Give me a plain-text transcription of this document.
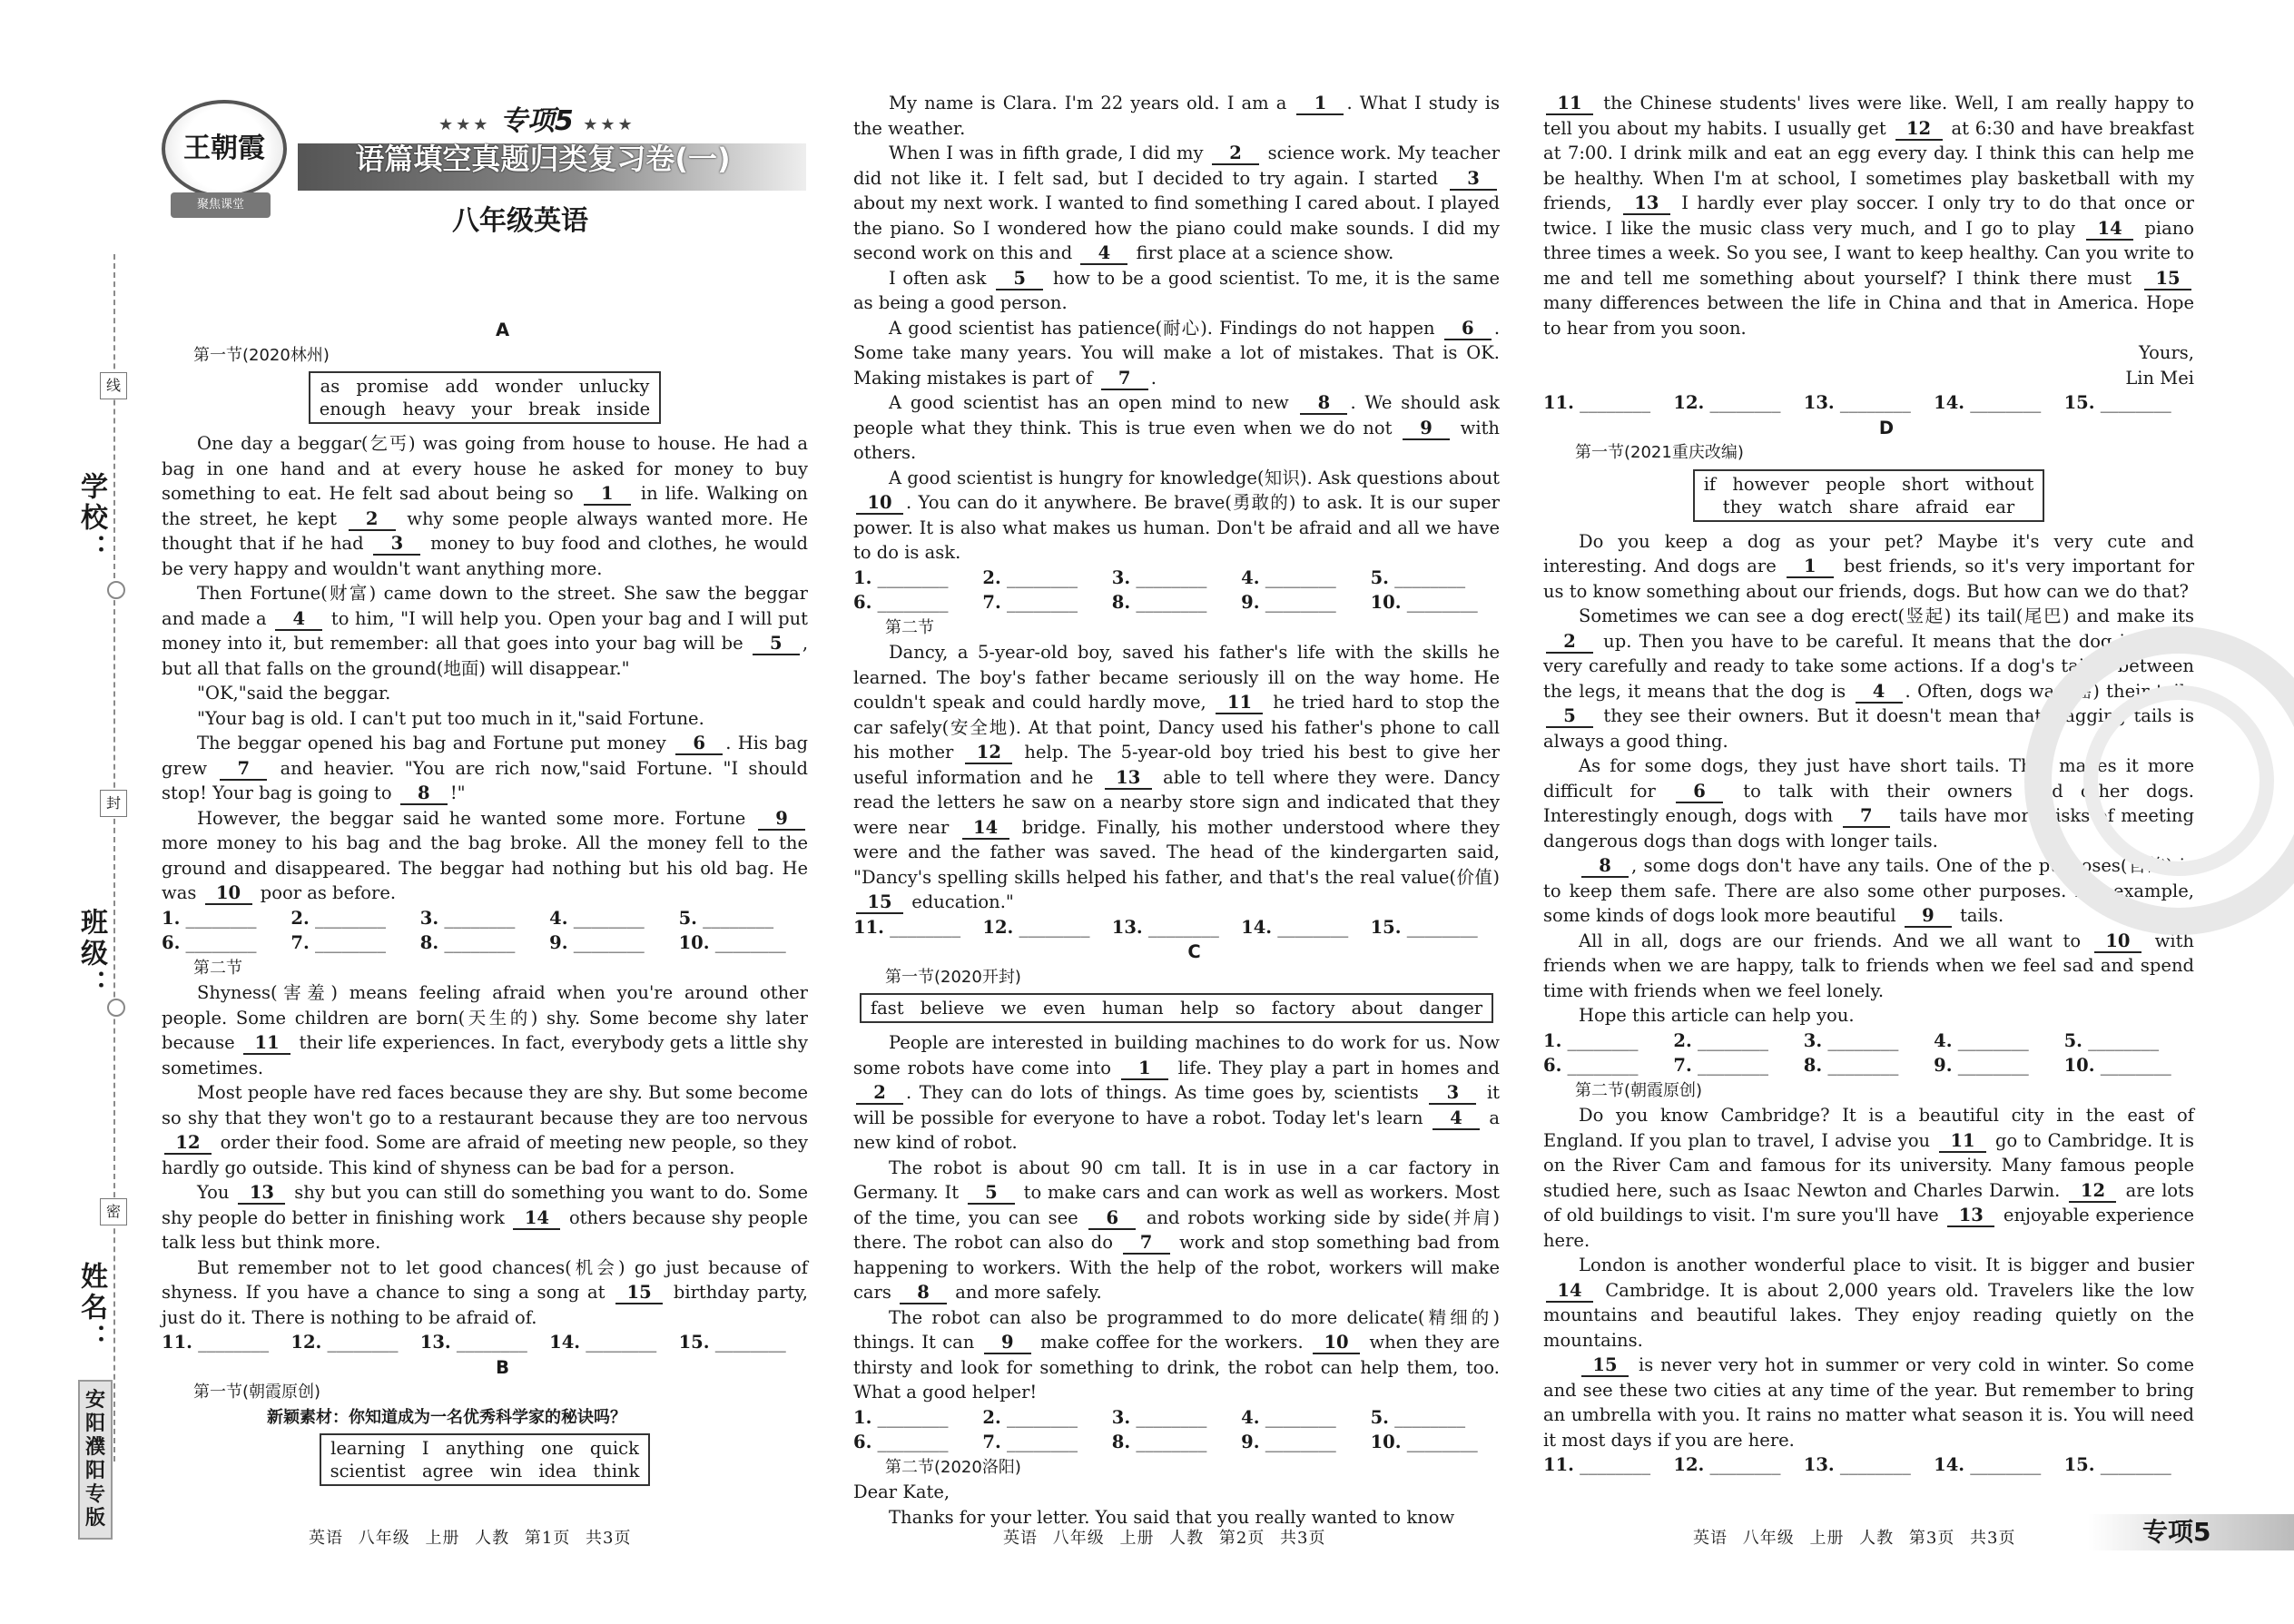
学校：
班级：
姓名：
线
封
密
安阳濮阳专版
王朝霞
聚焦课堂
★★★ 专项5 ★★★
语篇填空真题归类复习卷(一)
八年级英语

A

第一节(2020林州)

as promise add wonder unlucky
enough heavy your break inside

One day a beggar(乞丐) was going from house to house. He had a bag in one hand and at every house he asked for money to buy something to eat. He felt sad about being so 1 in life. Walking on the street, he kept 2 why some people always wanted more. He thought that if he had 3 money to buy food and clothes, he would be very happy and wouldn't want anything more.

Then Fortune(财富) came down to the street. She saw the beggar and made a 4 to him, "I will help you. Open your bag and I will put money into it, but remember: all that goes into your bag will be 5 , but all that falls on the ground(地面) will disappear."

"OK,"said the beggar.

"Your bag is old. I can't put too much in it,"said Fortune.

The beggar opened his bag and Fortune put money 6 . His bag grew 7 and heavier. "You are rich now,"said Fortune. "I should stop! Your bag is going to 8 !"

However, the beggar said he wanted some more. Fortune 9 more money to his bag and the bag broke. All the money fell to the ground and disappeared. The beggar had nothing but his old bag. He was 10 poor as before.

1. _____	2. _____	3. _____	4. _____	5. _____
6. _____	7. _____	8. _____	9. _____	10. _____

第二节

Shyness(害羞) means feeling afraid when you're around other people. Some children are born(天生的) shy. Some become shy later because 11 their life experiences. In fact, everybody gets a little shy sometimes.

Most people have red faces because they are shy. But some become so shy that they won't go to a restaurant because they are too nervous 12 order their food. Some are afraid of meeting new people, so they hardly go outside. This kind of shyness can be bad for a person.

You 13 shy but you can still do something you want to do. Some shy people do better in finishing work 14 others because shy people talk less but think more.

But remember not to let good chances(机会) go just because of shyness. If you have a chance to sing a song at 15 birthday party, just do it. There is nothing to be afraid of.

11. _____	12. _____	13. _____	14. _____	15. _____

B

第一节(朝霞原创)

新颖素材：你知道成为一名优秀科学家的秘诀吗？

learning I anything one quick
scientist agree win idea think

My name is Clara. I'm 22 years old. I am a 1 . What I study is the weather.

When I was in fifth grade, I did my 2 science work. My teacher did not like it. I felt sad, but I decided to try again. I started 3 about my next work. I wanted to find something I cared about. I played the piano. So I wondered how the piano could make sounds. I did my second work on this and 4 first place at a science show.

I often ask 5 how to be a good scientist. To me, it is the same as being a good person.

A good scientist has patience(耐心). Findings do not happen 6 . Some take many years. You will make a lot of mistakes. That is OK. Making mistakes is part of 7 .

A good scientist has an open mind to new 8 . We should ask people what they think. This is true even when we do not 9 with others.

A good scientist is hungry for knowledge(知识). Ask questions about 10 . You can do it anywhere. Be brave(勇敢的) to ask. It is our super power. It is also what makes us human. Don't be afraid and all we have to do is ask.

1. _____	2. _____	3. _____	4. _____	5. _____
6. _____	7. _____	8. _____	9. _____	10. _____

第二节

Dancy, a 5-year-old boy, saved his father's life with the skills he learned. The boy's father became seriously ill on the way home. He couldn't speak and could hardly move, 11 he tried hard to stop the car safely(安全地). At that point, Dancy used his father's phone to call his mother 12 help. The 5-year-old boy tried his best to give her useful information and he 13 able to tell where they were. Dancy read the letters he saw on a nearby store sign and indicated that they were near 14 bridge. Finally, his mother understood where they were and the father was saved. The head of the kindergarten said, "Dancy's spelling skills helped his father, and that's the real value(价值) 15 education."

11. _____	12. _____	13. _____	14. _____	15. _____

C

第一节(2020开封)

fast believe we even human help so factory about danger

People are interested in building machines to do work for us. Now some robots have come into 1 life. They play a part in homes and 2 . They can do lots of things. As time goes by, scientists 3 it will be possible for everyone to have a robot. Today let's learn 4 a new kind of robot.

The robot is about 90 cm tall. It is in use in a car factory in Germany. It 5 to make cars and can work as well as workers. Most of the time, you can see 6 and robots working side by side(并肩) there. The robot can also do 7 work and stop something bad from happening to workers. With the help of the robot, workers will make cars 8 and more safely.

The robot can also be programmed to do more delicate(精细的) things. It can 9 make coffee for the workers. 10 when they are thirsty and look for something to drink, the robot can help them, too. What a good helper!

1. _____	2. _____	3. _____	4. _____	5. _____
6. _____	7. _____	8. _____	9. _____	10. _____

第二节(2020洛阳)

Dear Kate,

Thanks for your letter. You said that you really wanted to know

11 the Chinese students' lives were like. Well, I am really happy to tell you about my habits. I usually get 12 at 6:30 and have breakfast at 7:00. I drink milk and eat an egg every day. I think this can help me be healthy. When I'm at school, I sometimes play basketball with my friends, 13 I hardly ever play soccer. I only try to do that once or twice. I like the music class very much, and I go to play 14 piano three times a week. So you see, I want to keep healthy. Can you write to me and tell me something about yourself? I think there must 15 many differences between the life in China and that in America. Hope to hear from you soon.

Yours,

Lin Mei

11. _____	12. _____	13. _____	14. _____	15. _____

D

第一节(2021重庆改编)

if however people short without
they watch share afraid ear

Do you keep a dog as your pet? Maybe it's very cute and interesting. And dogs are 1 best friends, so it's very important for us to know something about our friends, dogs. But how can we do that?

Sometimes we can see a dog erect(竖起) its tail(尾巴) and make its 2 up. Then you have to be careful. It means that the dog is 3 very carefully and ready to take some actions. If a dog's tail is between the legs, it means that the dog is 4 . Often, dogs wag(摇) their tails 5 they see their owners. But it doesn't mean that wagging tails is always a good thing.

As for some dogs, they just have short tails. That makes it more difficult for 6 to talk with their owners and other dogs. Interestingly enough, dogs with 7 tails have more risks of meeting dangerous dogs than dogs with longer tails.

8 , some dogs don't have any tails. One of the purposes(目的) is to keep them safe. There are also some other purposes. For example, some kinds of dogs look more beautiful 9 tails.

All in all, dogs are our friends. And we all want to 10 with friends when we are happy, talk to friends when we feel sad and spend time with friends when we feel lonely.

Hope this article can help you.

1. _____	2. _____	3. _____	4. _____	5. _____
6. _____	7. _____	8. _____	9. _____	10. _____

第二节(朝霞原创)

Do you know Cambridge? It is a beautiful city in the east of England. If you plan to travel, I advise you 11 go to Cambridge. It is on the River Cam and famous for its university. Many famous people studied here, such as Isaac Newton and Charles Darwin. 12 are lots of old buildings to visit. I'm sure you'll have 13 enjoyable experience here.

London is another wonderful place to visit. It is bigger and busier 14 Cambridge. It is about 2,000 years old. Travelers like the low mountains and beautiful lakes. They enjoy reading quietly on the mountains.

15 is never very hot in summer or very cold in winter. So come and see these two cities at any time of the year. But remember to bring an umbrella with you. It rains no matter what season it is. You will need it most days if you are here.

11. _____	12. _____	13. _____	14. _____	15. _____
英语 八年级 上册 人教 第1页 共3页	英语 八年级 上册 人教 第2页 共3页	英语 八年级 上册 人教 第3页 共3页	专项5
